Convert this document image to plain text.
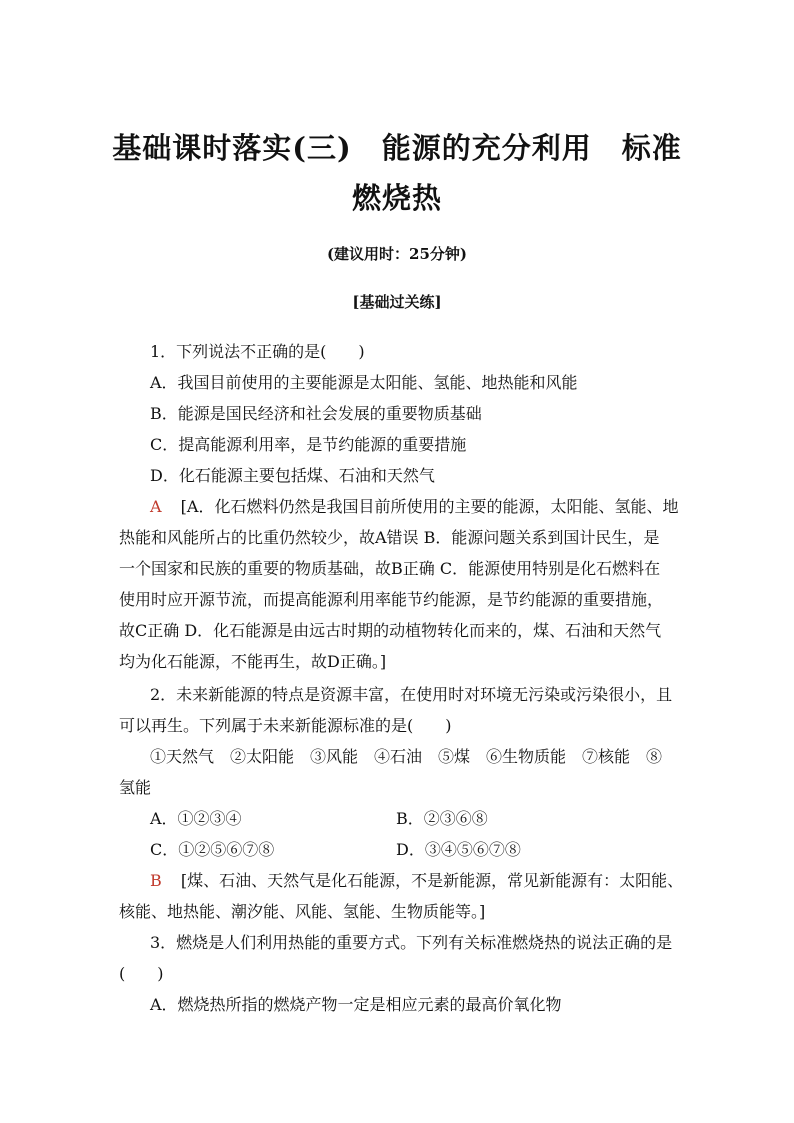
基础课时落实(三)　能源的充分利用　标准
燃烧热
(建议用时：25分钟)
[基础过关练]
1．下列说法不正确的是(　　)
A．我国目前使用的主要能源是太阳能、氢能、地热能和风能
B．能源是国民经济和社会发展的重要物质基础
C．提高能源利用率，是节约能源的重要措施
D．化石能源主要包括煤、石油和天然气
A [A．化石燃料仍然是我国目前所使用的主要的能源，太阳能、氢能、地
热能和风能所占的比重仍然较少，故A错误 B．能源问题关系到国计民生，是
一个国家和民族的重要的物质基础，故B正确 C．能源使用特别是化石燃料在
使用时应开源节流，而提高能源利用率能节约能源，是节约能源的重要措施，
故C正确 D．化石能源是由远古时期的动植物转化而来的，煤、石油和天然气
均为化石能源，不能再生，故D正确。]
2．未来新能源的特点是资源丰富，在使用时对环境无污染或污染很小，且
可以再生。下列属于未来新能源标准的是(　　)
①天然气　②太阳能　③风能　④石油　⑤煤　⑥生物质能　⑦核能　⑧
氢能
A．①②③④	B．②③⑥⑧
C．①②⑤⑥⑦⑧	D．③④⑤⑥⑦⑧
B [煤、石油、天然气是化石能源，不是新能源，常见新能源有：太阳能、
核能、地热能、潮汐能、风能、氢能、生物质能等。]
3．燃烧是人们利用热能的重要方式。下列有关标准燃烧热的说法正确的是
(　　)
A．燃烧热所指的燃烧产物一定是相应元素的最高价氧化物
